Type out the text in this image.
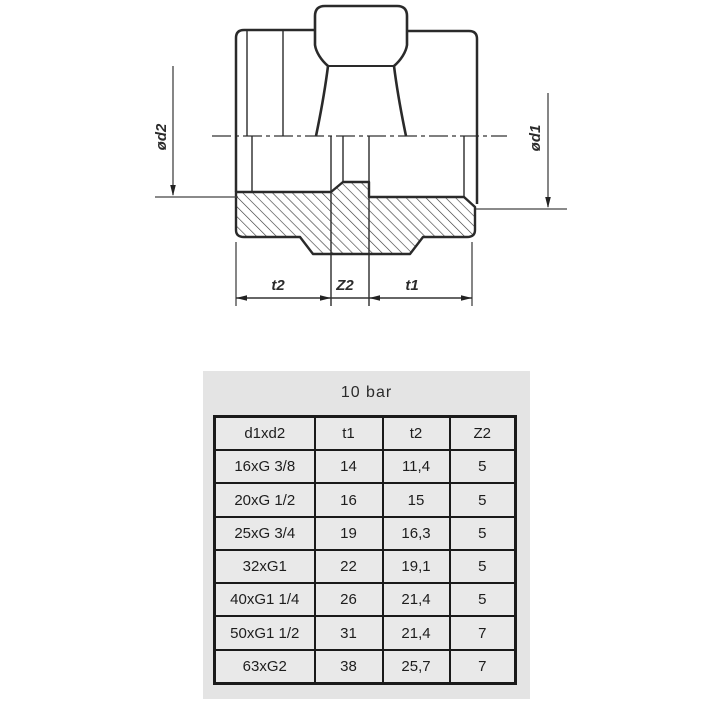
ød2	ød1
t2	Z2	t1
10 bar
d1xd2	t1	t2	Z2
16xG 3/8	14	11,4	5
20xG 1/2	16	15	5
25xG 3/4	19	16,3	5
32xG1	22	19,1	5
40xG1 1/4	26	21,4	5
50xG1 1/2	31	21,4	7
63xG2	38	25,7	7
